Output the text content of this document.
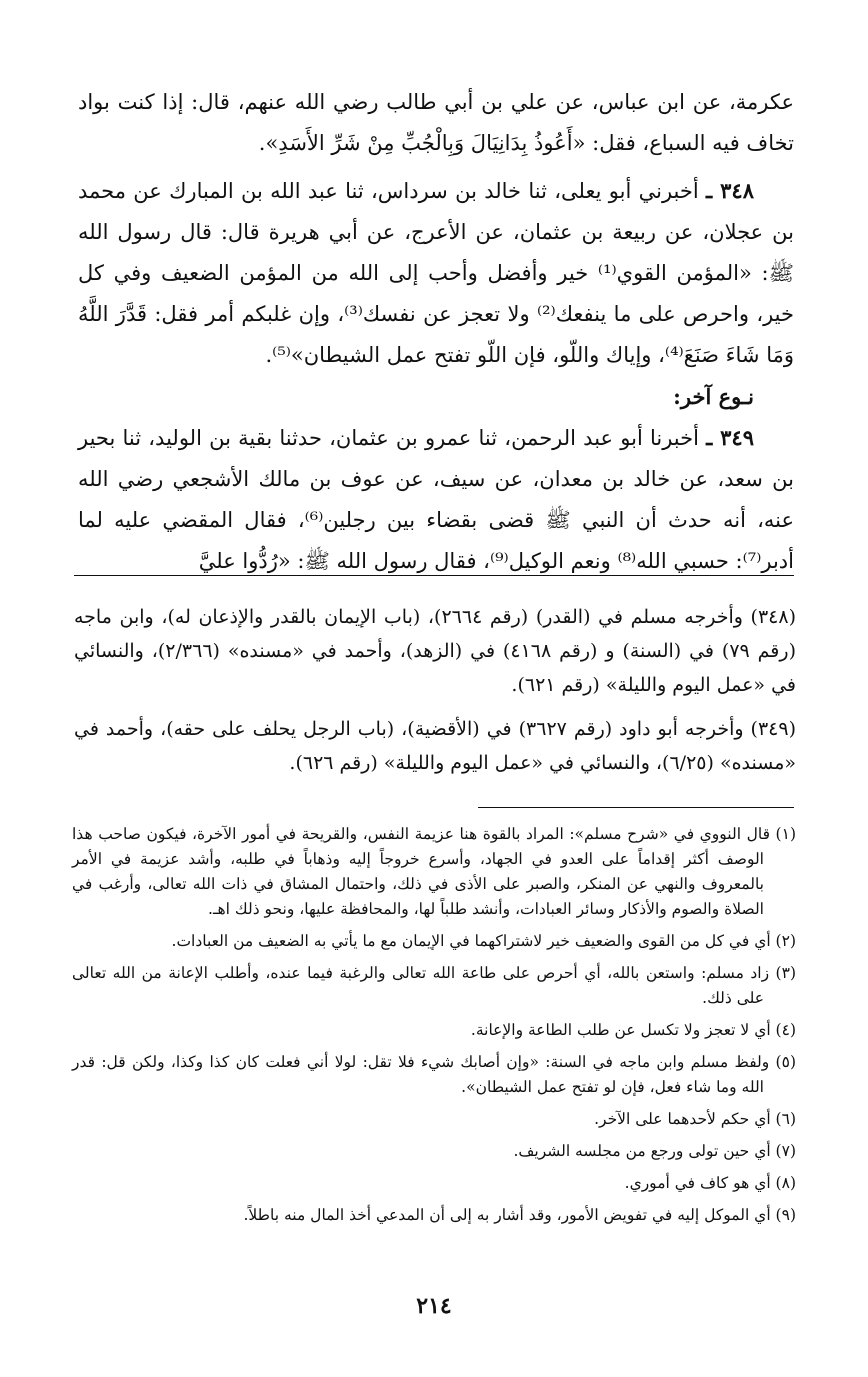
عكرمة، عن ابن عباس، عن علي بن أبي طالب رضي الله عنهم، قال: إذا كنت بواد تخاف فيه السباع، فقل: «أَعُوذُ بِدَانِيَالَ وَبِالْجُبِّ مِنْ شَرِّ الأَسَدِ».

٣٤٨ ـ أخبرني أبو يعلى، ثنا خالد بن سرداس، ثنا عبد الله بن المبارك عن محمد بن عجلان، عن ربيعة بن عثمان، عن الأعرج، عن أبي هريرة قال: قال رسول الله ﷺ: «المؤمن القوي⁽¹⁾ خير وأفضل وأحب إلى الله من المؤمن الضعيف وفي كل خير، واحرص على ما ينفعك⁽²⁾ ولا تعجز عن نفسك⁽³⁾، وإن غلبكم أمر فقل: قَدَّرَ اللَّهُ وَمَا شَاءَ صَنَعَ⁽⁴⁾، وإياك واللّو، فإن اللّو تفتح عمل الشيطان»⁽⁵⁾.

نـوع آخر:

٣٤٩ ـ أخبرنا أبو عبد الرحمن، ثنا عمرو بن عثمان، حدثنا بقية بن الوليد، ثنا بحير بن سعد، عن خالد بن معدان، عن سيف، عن عوف بن مالك الأشجعي رضي الله عنه، أنه حدث أن النبي ﷺ قضى بقضاء بين رجلين⁽⁶⁾، فقال المقضي عليه لما أدبر⁽⁷⁾: حسبي الله⁽⁸⁾ ونعم الوكيل⁽⁹⁾، فقال رسول الله ﷺ: «رُدُّوا عليَّ

(٣٤٨) وأخرجه مسلم في (القدر) (رقم ٢٦٦٤)، (باب الإيمان بالقدر والإذعان له)، وابن ماجه (رقم ٧٩) في (السنة) و (رقم ٤١٦٨) في (الزهد)، وأحمد في «مسنده» (٢/٣٦٦)، والنسائي في «عمل اليوم والليلة» (رقم ٦٢١).

(٣٤٩) وأخرجه أبو داود (رقم ٣٦٢٧) في (الأقضية)، (باب الرجل يحلف على حقه)، وأحمد في «مسنده» (٦/٢٥)، والنسائي في «عمل اليوم والليلة» (رقم ٦٢٦).

(١) قال النووي في «شرح مسلم»: المراد بالقوة هنا عزيمة النفس، والقريحة في أمور الآخرة، فيكون صاحب هذا الوصف أكثر إقداماً على العدو في الجهاد، وأسرع خروجاً إليه وذهاباً في طلبه، وأشد عزيمة في الأمر بالمعروف والنهي عن المنكر، والصبر على الأذى في ذلك، واحتمال المشاق في ذات الله تعالى، وأرغب في الصلاة والصوم والأذكار وسائر العبادات، وأنشد طلباً لها، والمحافظة عليها، ونحو ذلك اهـ.

(٢) أي في كل من القوى والضعيف خير لاشتراكهما في الإيمان مع ما يأتي به الضعيف من العبادات.

(٣) زاد مسلم: واستعن بالله، أي أحرص على طاعة الله تعالى والرغبة فيما عنده، وأطلب الإعانة من الله تعالى على ذلك.

(٤) أي لا تعجز ولا تكسل عن طلب الطاعة والإعانة.

(٥) ولفظ مسلم وابن ماجه في السنة: «وإن أصابك شيء فلا تقل: لولا أني فعلت كان كذا وكذا، ولكن قل: قدر الله وما شاء فعل، فإن لو تفتح عمل الشيطان».

(٦) أي حكم لأحدهما على الآخر.

(٧) أي حين تولى ورجع من مجلسه الشريف.

(٨) أي هو كاف في أموري.

(٩) أي الموكل إليه في تفويض الأمور، وقد أشار به إلى أن المدعي أخذ المال منه باطلاً.

٢١٤
